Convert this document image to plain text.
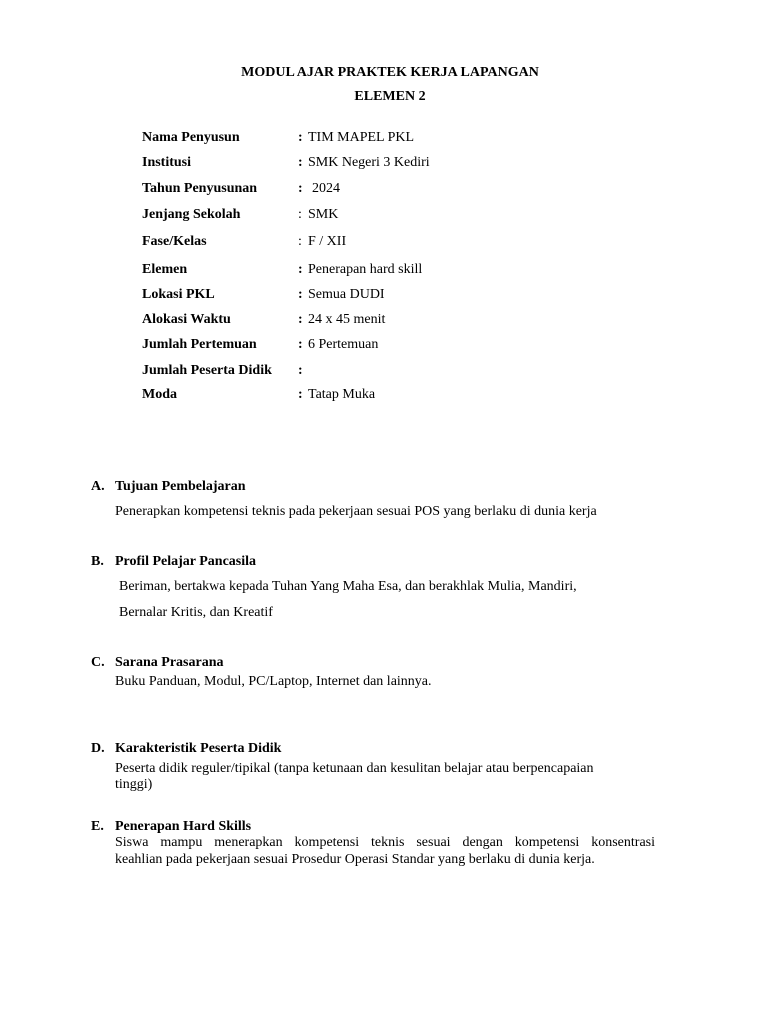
MODUL AJAR PRAKTEK KERJA LAPANGAN
ELEMEN 2
Nama Penyusun	: TIM MAPEL PKL
Institusi	: SMK Negeri 3 Kediri
Tahun Penyusunan	: 2024
Jenjang Sekolah	: SMK
Fase/Kelas	: F / XII
Elemen	: Penerapan hard skill
Lokasi PKL	: Semua DUDI
Alokasi Waktu	: 24 x 45 menit
Jumlah Pertemuan	: 6 Pertemuan
Jumlah Peserta Didik :
Moda	: Tatap Muka
A. Tujuan Pembelajaran
Penerapkan kompetensi teknis pada pekerjaan sesuai POS yang berlaku di dunia kerja
B. Profil Pelajar Pancasila
Beriman, bertakwa kepada Tuhan Yang Maha Esa, dan berakhlak Mulia, Mandiri,
Bernalar Kritis, dan Kreatif
C. Sarana Prasarana
Buku Panduan, Modul, PC/Laptop, Internet dan lainnya.
D. Karakteristik Peserta Didik
Peserta didik reguler/tipikal (tanpa ketunaan dan kesulitan belajar atau berpencapaian
tinggi)
E. Penerapan Hard Skills
Siswa mampu menerapkan kompetensi teknis sesuai dengan kompetensi konsentrasi
keahlian pada pekerjaan sesuai Prosedur Operasi Standar yang berlaku di dunia kerja.
